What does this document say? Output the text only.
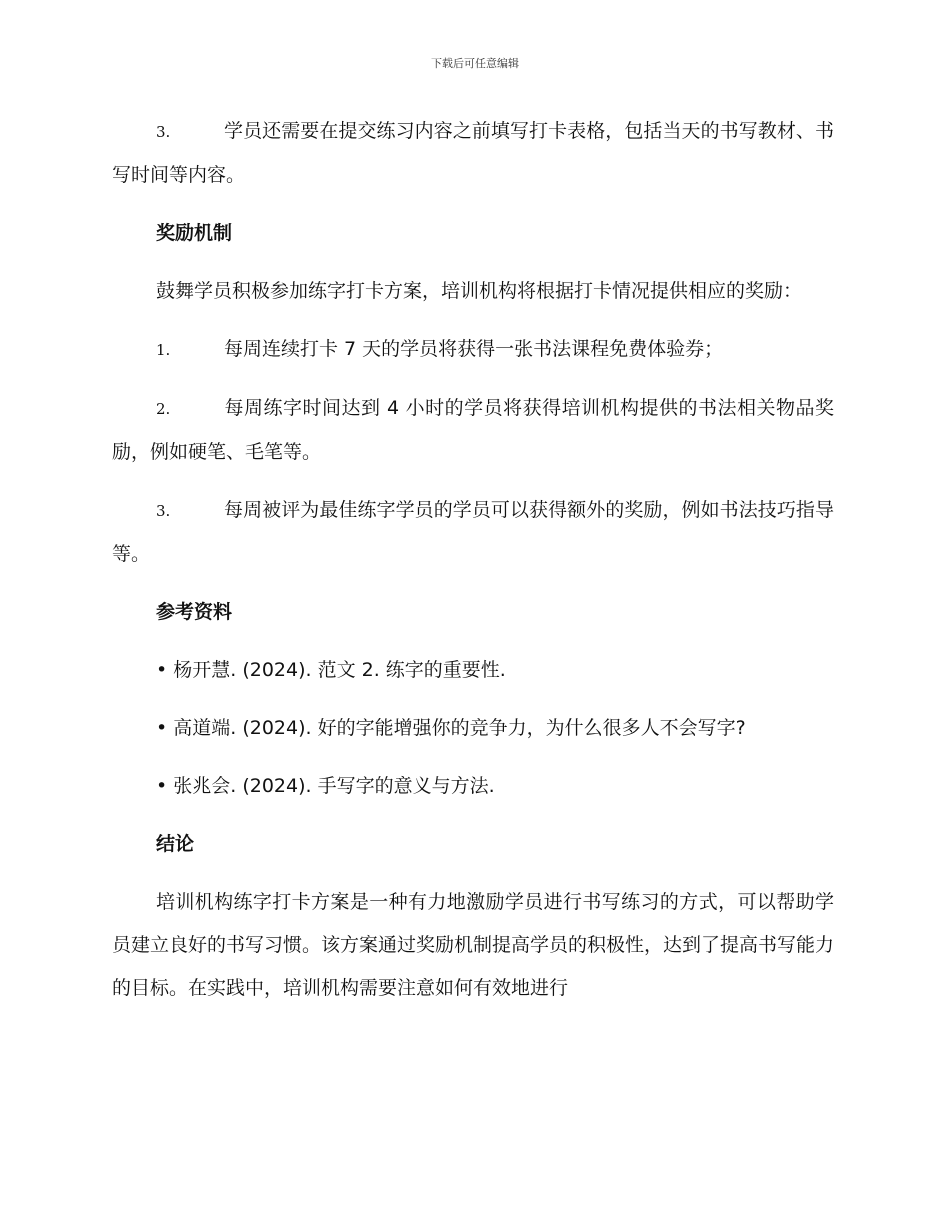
下载后可任意编辑

3.	学员还需要在提交练习内容之前填写打卡表格，包括当天的书写教材、书写时间等内容。

奖励机制

鼓舞学员积极参加练字打卡方案，培训机构将根据打卡情况提供相应的奖励：

1.	每周连续打卡 7 天的学员将获得一张书法课程免费体验券；

2.	每周练字时间达到 4 小时的学员将获得培训机构提供的书法相关物品奖励，例如硬笔、毛笔等。

3.	每周被评为最佳练字学员的学员可以获得额外的奖励，例如书法技巧指导等。

参考资料
• 杨开慧. (2024). 范文 2. 练字的重要性.
• 高道端. (2024). 好的字能增强你的竞争力，为什么很多人不会写字?
• 张兆会. (2024). 手写字的意义与方法.
结论

培训机构练字打卡方案是一种有力地激励学员进行书写练习的方式，可以帮助学员建立良好的书写习惯。该方案通过奖励机制提高学员的积极性，达到了提高书写能力的目标。在实践中，培训机构需要注意如何有效地进行
